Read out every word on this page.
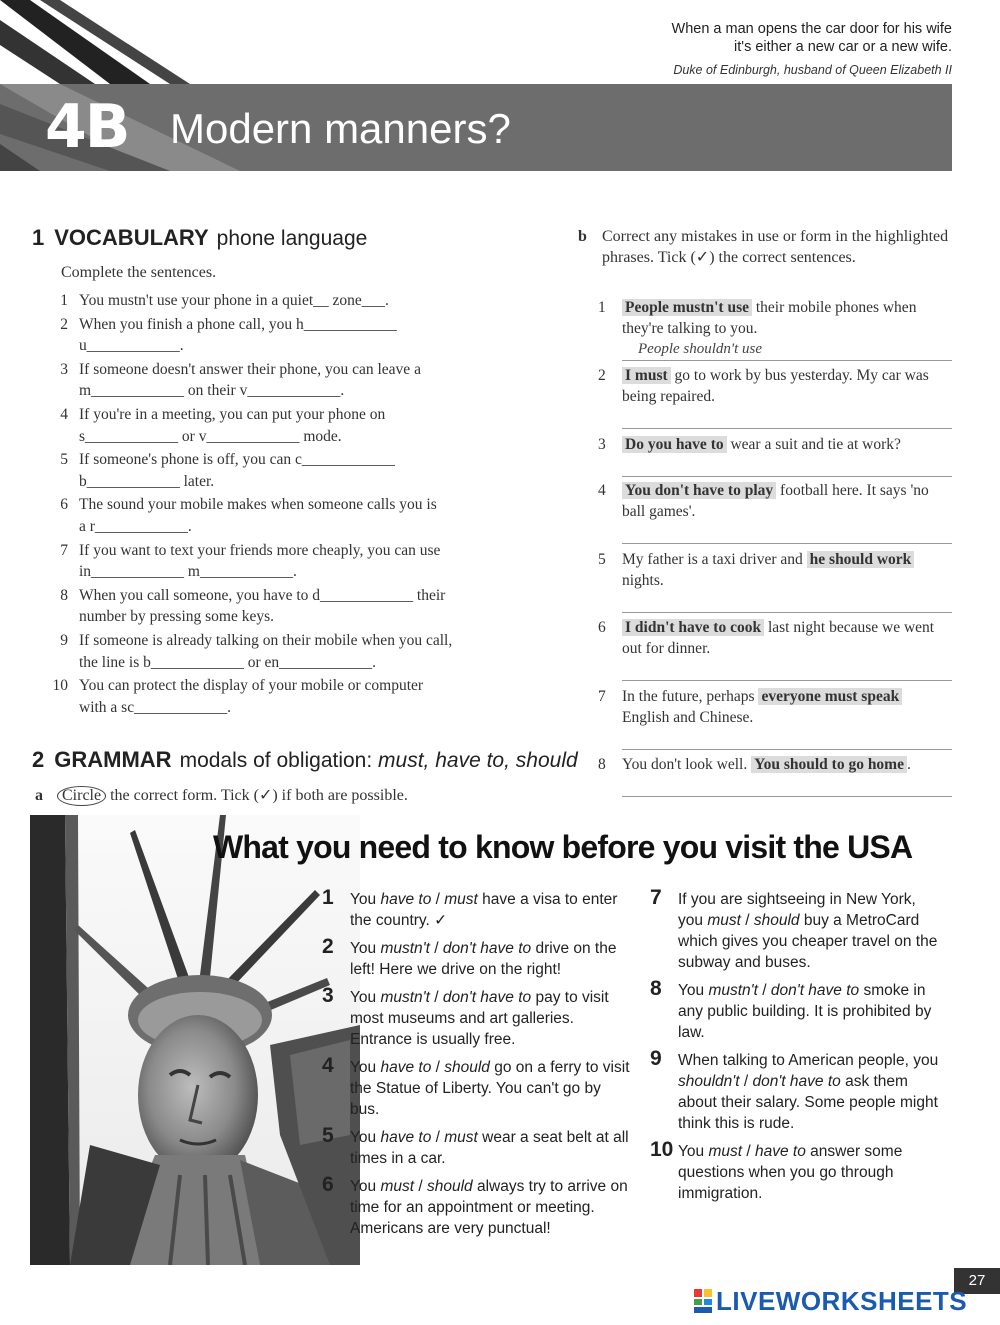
When a man opens the car door for his wife
it's either a new car or a new wife.
Duke of Edinburgh, husband of Queen Elizabeth II
4B Modern manners?
1 VOCABULARY phone language
Complete the sentences.
1 You mustn't use your phone in a quiet__ zone___.
2 When you finish a phone call, you h____________
u____________.
3 If someone doesn't answer their phone, you can leave a
m____________ on their v____________.
4 If you're in a meeting, you can put your phone on
s____________ or v____________ mode.
5 If someone's phone is off, you can c____________
b____________ later.
6 The sound your mobile makes when someone calls you is
a r____________.
7 If you want to text your friends more cheaply, you can use
in____________ m____________.
8 When you call someone, you have to d____________ their
number by pressing some keys.
9 If someone is already talking on their mobile when you call,
the line is b____________ or en____________.
10 You can protect the display of your mobile or computer
with a sc____________.
b Correct any mistakes in use or form in the highlighted phrases. Tick (✓) the correct sentences.
1 People mustn't use their mobile phones when they're talking to you.
People shouldn't use
2 I must go to work by bus yesterday. My car was being repaired.
3 Do you have to wear a suit and tie at work?
4 You don't have to play football here. It says 'no ball games'.
5 My father is a taxi driver and he should work nights.
6 I didn't have to cook last night because we went out for dinner.
7 In the future, perhaps everyone must speak English and Chinese.
8 You don't look well. You should to go home .
2 GRAMMAR modals of obligation: must, have to, should
a Circle the correct form. Tick (✓) if both are possible.
What you need to know before you visit the USA
1 You have to / must have a visa to enter the country. ✓
2 You mustn't / don't have to drive on the left! Here we drive on the right!
3 You mustn't / don't have to pay to visit most museums and art galleries. Entrance is usually free.
4 You have to / should go on a ferry to visit the Statue of Liberty. You can't go by bus.
5 You have to / must wear a seat belt at all times in a car.
6 You must / should always try to arrive on time for an appointment or meeting. Americans are very punctual!
7 If you are sightseeing in New York, you must / should buy a MetroCard which gives you cheaper travel on the subway and buses.
8 You mustn't / don't have to smoke in any public building. It is prohibited by law.
9 When talking to American people, you shouldn't / don't have to ask them about their salary. Some people might think this is rude.
10 You must / have to answer some questions when you go through immigration.
27
LIVEWORKSHEETS
